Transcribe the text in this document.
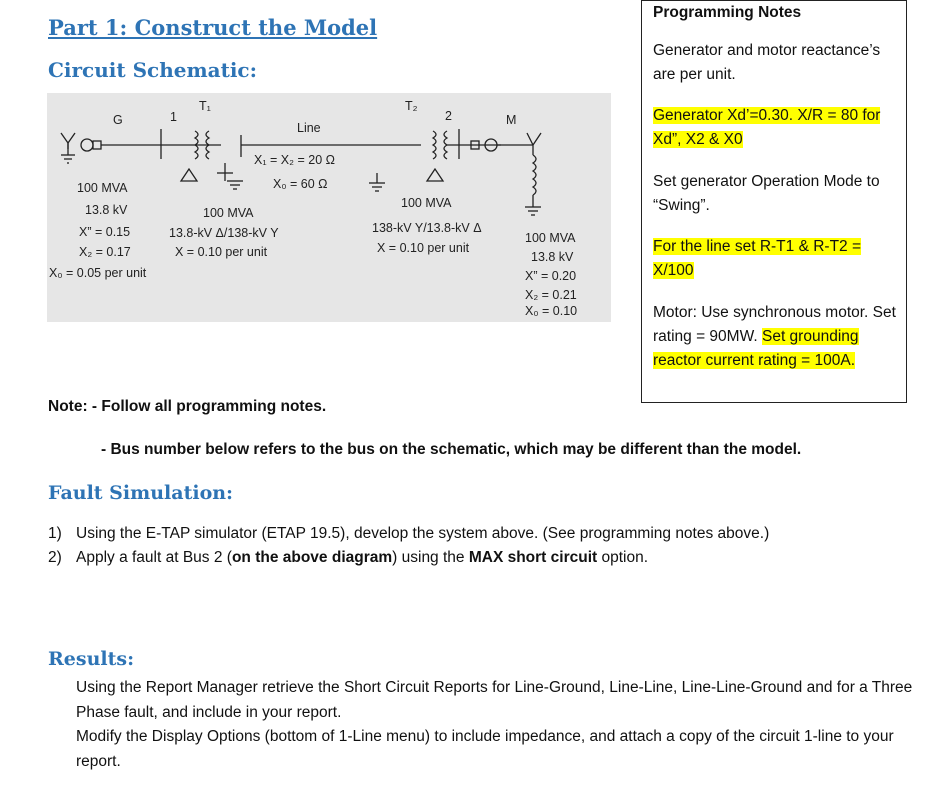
Part 1: Construct the Model
Circuit Schematic:

Programming Notes

Generator and motor reactance’s are per unit.

Generator Xd’=0.30. X/R = 80 for Xd”, X2 & X0

Set generator Operation Mode to “Swing”.

For the line set R-T1 & R-T2 = X/100

Motor: Use synchronous motor. Set rating = 90MW. Set grounding reactor current rating = 100A.

G	1
T₁
Line
T₂
2	M
X₁ = X₂ = 20 Ω
X₀ = 60 Ω
100 MVA
13.8 kV
X” = 0.15
X₂ = 0.17
X₀ = 0.05 per unit
100 MVA
13.8-kV Δ/138-kV Y
X = 0.10 per unit
100 MVA
138-kV Y/13.8-kV Δ
X = 0.10 per unit
100 MVA
13.8 kV
X” = 0.20
X₂ = 0.21
X₀ = 0.10
Note: - Follow all programming notes.
- Bus number below refers to the bus on the schematic, which may be different than the model.
Fault Simulation:
1) Using the E-TAP simulator (ETAP 19.5), develop the system above. (See programming notes above.)
2) Apply a fault at Bus 2 (on the above diagram) using the MAX short circuit option.
Results:
Using the Report Manager retrieve the Short Circuit Reports for Line-Ground, Line-Line, Line-Line-Ground and for a Three Phase fault, and include in your report.
Modify the Display Options (bottom of 1-Line menu) to include impedance, and attach a copy of the circuit 1-line to your report.
